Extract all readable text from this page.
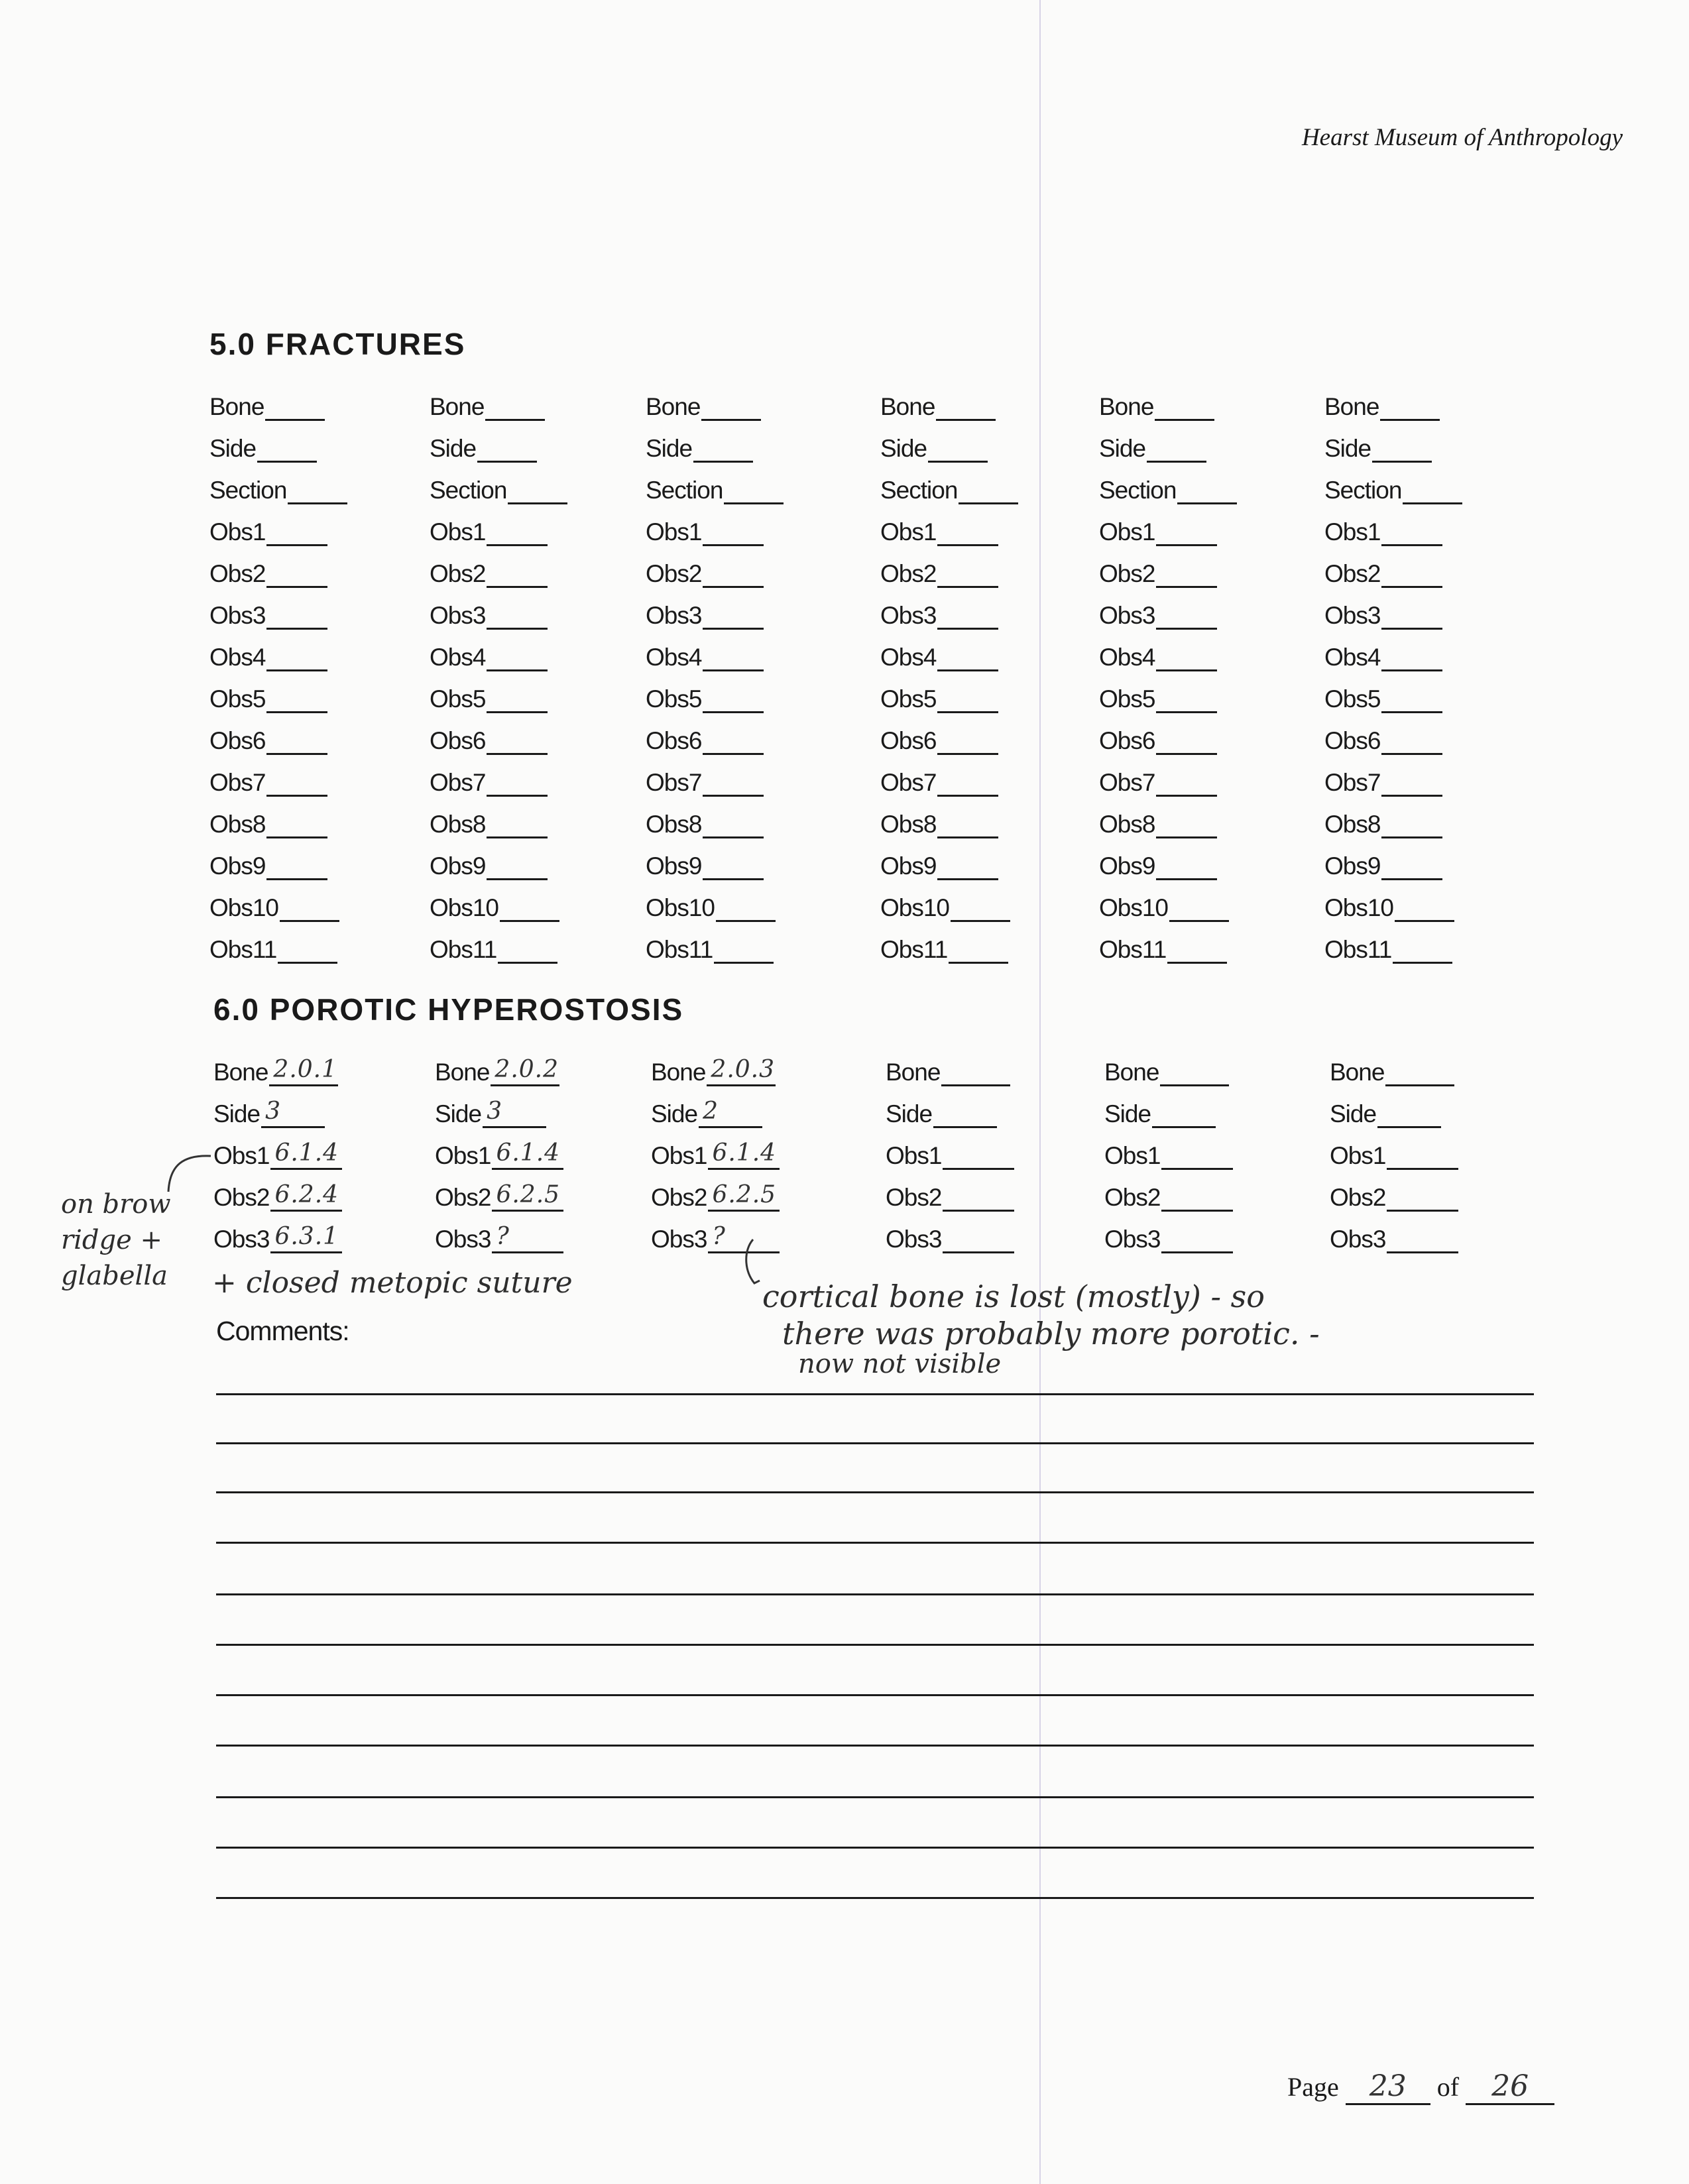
Hearst Museum of Anthropology
5.0 FRACTURES
Bone
Side
Section
Obs1
Obs2
Obs3
Obs4
Obs5
Obs6
Obs7
Obs8
Obs9
Obs10
Obs11
Bone
Side
Section
Obs1
Obs2
Obs3
Obs4
Obs5
Obs6
Obs7
Obs8
Obs9
Obs10
Obs11
Bone
Side
Section
Obs1
Obs2
Obs3
Obs4
Obs5
Obs6
Obs7
Obs8
Obs9
Obs10
Obs11
Bone
Side
Section
Obs1
Obs2
Obs3
Obs4
Obs5
Obs6
Obs7
Obs8
Obs9
Obs10
Obs11
Bone
Side
Section
Obs1
Obs2
Obs3
Obs4
Obs5
Obs6
Obs7
Obs8
Obs9
Obs10
Obs11
Bone
Side
Section
Obs1
Obs2
Obs3
Obs4
Obs5
Obs6
Obs7
Obs8
Obs9
Obs10
Obs11
6.0 POROTIC HYPEROSTOSIS
Bone 2.0.1
Side 3
Obs1 6.1.4
Obs2 6.2.4
Obs3 6.3.1
Bone 2.0.2
Side 3
Obs1 6.1.4
Obs2 6.2.5
Obs3 ?
Bone 2.0.3
Side 2
Obs1 6.1.4
Obs2 6.2.5
Obs3 ?
Bone
Side
Obs1
Obs2
Obs3
Bone
Side
Obs1
Obs2
Obs3
Bone
Side
Obs1
Obs2
Obs3
on brow
ridge +
glabella + closed metopic suture	cortical bone is lost (mostly) - so
there was probably more porotic. -
now not visible
Comments:
Page 23 of 26
